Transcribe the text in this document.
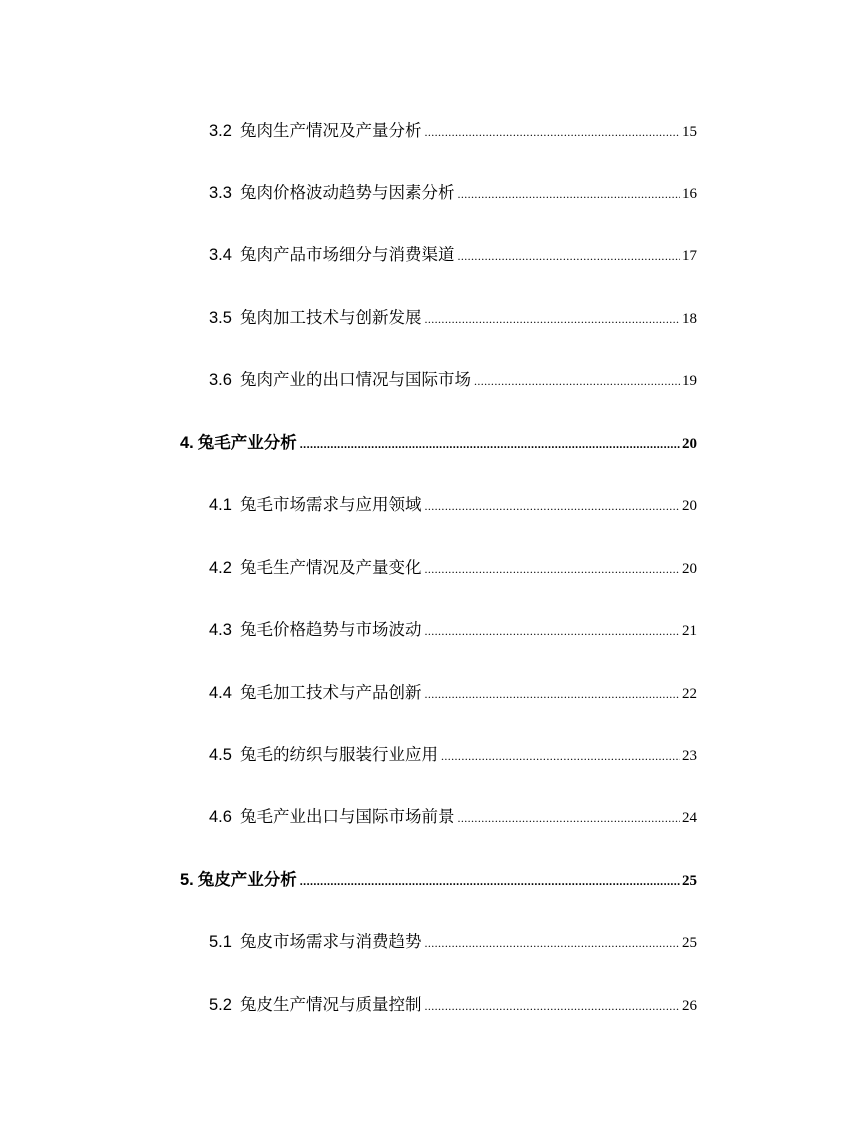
3.2 兔肉生产情况及产量分析 .....	15
3.3 兔肉价格波动趋势与因素分析 .....	16
3.4 兔肉产品市场细分与消费渠道 .....	17
3.5 兔肉加工技术与创新发展 .....	18
3.6 兔肉产业的出口情况与国际市场 .....	19
4. 兔毛产业分析 .....	20
4.1 兔毛市场需求与应用领域 .....	20
4.2 兔毛生产情况及产量变化 .....	20
4.3 兔毛价格趋势与市场波动 .....	21
4.4 兔毛加工技术与产品创新 .....	22
4.5 兔毛的纺织与服装行业应用 .....	23
4.6 兔毛产业出口与国际市场前景 .....	24
5. 兔皮产业分析 .....	25
5.1 兔皮市场需求与消费趋势 .....	25
5.2 兔皮生产情况与质量控制 .....	26
